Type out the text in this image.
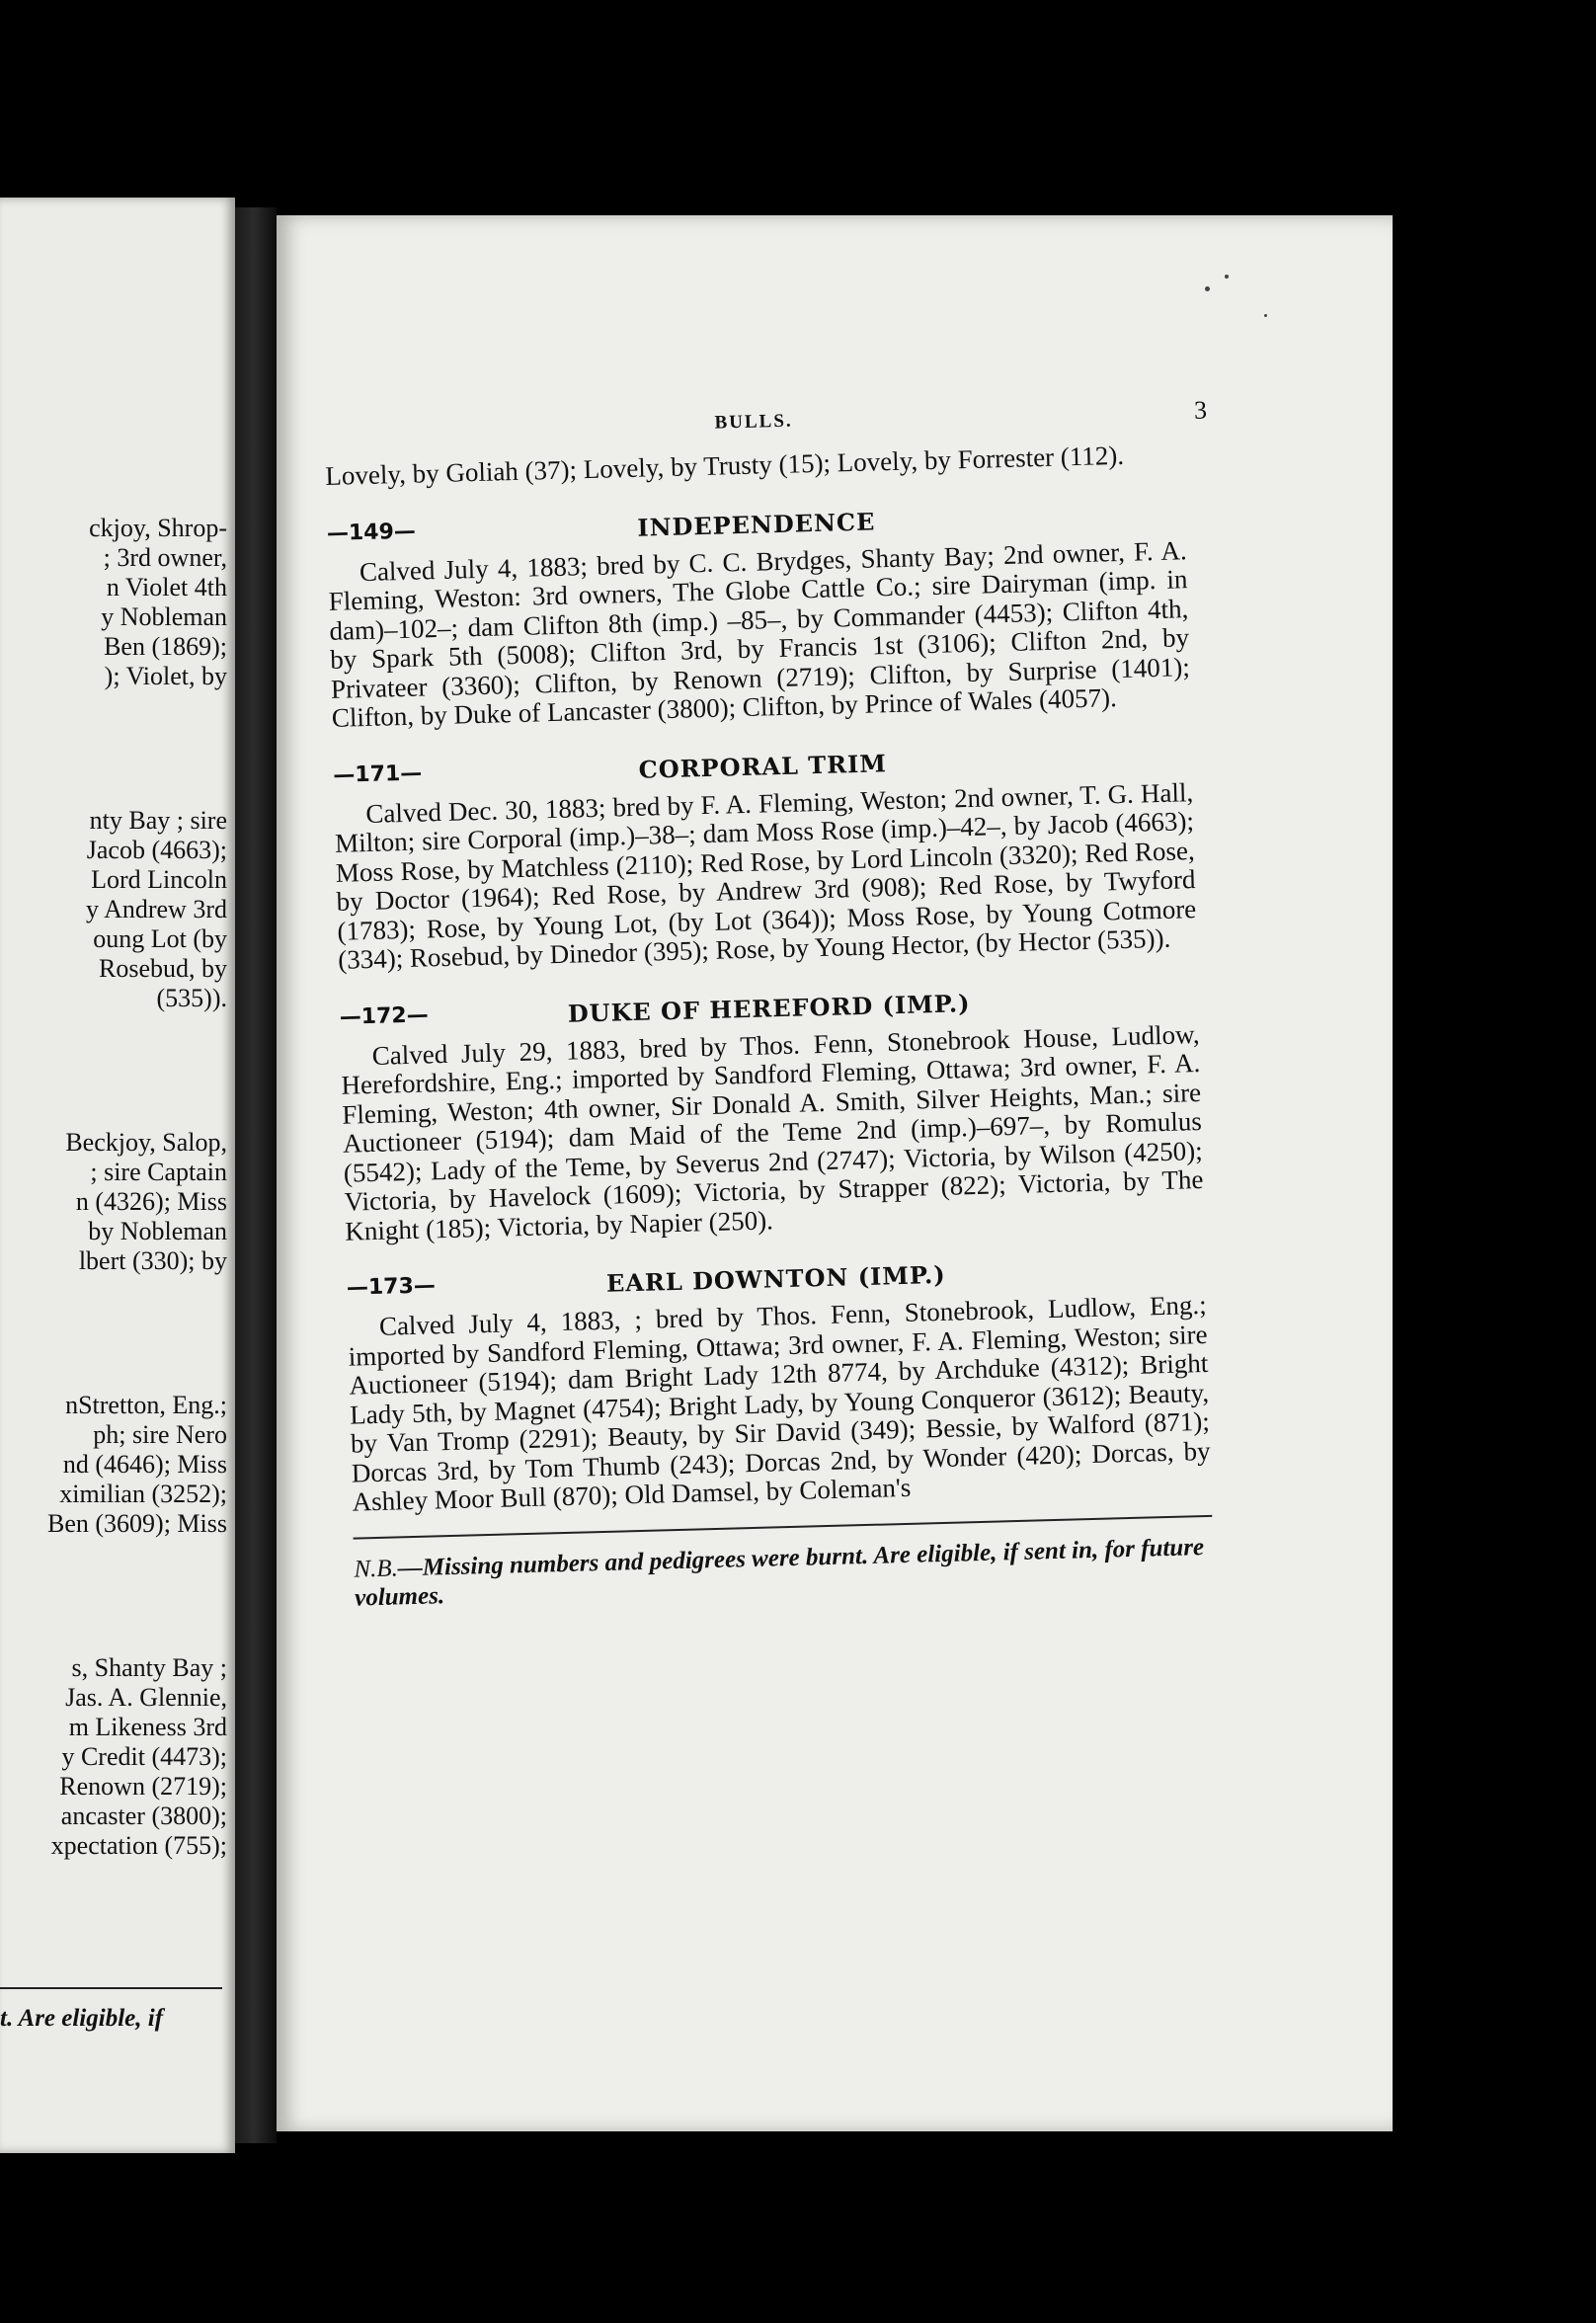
ckjoy, Shrop-
; 3rd owner,
n Violet 4th
y Nobleman
Ben (1869);
); Violet, by
nty Bay ; sire
Jacob (4663);
Lord Lincoln
y Andrew 3rd
oung Lot (by
Rosebud, by
(535)).
Beckjoy, Salop,
; sire Captain
n (4326); Miss
by Nobleman
lbert (330); by
nStretton, Eng.;
ph; sire Nero
nd (4646); Miss
ximilian (3252);
Ben (3609); Miss
s, Shanty Bay ;
Jas. A. Glennie,
m Likeness 3rd
y Credit (4473);
Renown (2719);
ancaster (3800);
xpectation (755);
t. Are eligible, if
BULLS.	3
Lovely, by Goliah (37); Lovely, by Trusty (15); Lovely, by Forrester (112).
—149—	INDEPENDENCE
Calved July 4, 1883; bred by C. C. Brydges, Shanty Bay; 2nd owner, F. A. Fleming, Weston: 3rd owners, The Globe Cattle Co.; sire Dairyman (imp. in dam)–102–; dam Clifton 8th (imp.) –85–, by Commander (4453); Clifton 4th, by Spark 5th (5008); Clifton 3rd, by Francis 1st (3106); Clifton 2nd, by Privateer (3360); Clifton, by Renown (2719); Clifton, by Surprise (1401); Clifton, by Duke of Lancaster (3800); Clifton, by Prince of Wales (4057).
—171—	CORPORAL TRIM
Calved Dec. 30, 1883; bred by F. A. Fleming, Weston; 2nd owner, T. G. Hall, Milton; sire Corporal (imp.)–38–; dam Moss Rose (imp.)–42–, by Jacob (4663); Moss Rose, by Matchless (2110); Red Rose, by Lord Lincoln (3320); Red Rose, by Doctor (1964); Red Rose, by Andrew 3rd (908); Red Rose, by Twyford (1783); Rose, by Young Lot, (by Lot (364)); Moss Rose, by Young Cotmore (334); Rosebud, by Dinedor (395); Rose, by Young Hector, (by Hector (535)).
—172—	DUKE OF HEREFORD (IMP.)
Calved July 29, 1883, bred by Thos. Fenn, Stonebrook House, Ludlow, Herefordshire, Eng.; imported by Sandford Fleming, Ottawa; 3rd owner, F. A. Fleming, Weston; 4th owner, Sir Donald A. Smith, Silver Heights, Man.; sire Auctioneer (5194); dam Maid of the Teme 2nd (imp.)–697–, by Romulus (5542); Lady of the Teme, by Severus 2nd (2747); Victoria, by Wilson (4250); Victoria, by Havelock (1609); Victoria, by Strapper (822); Victoria, by The Knight (185); Victoria, by Napier (250).
—173—	EARL DOWNTON (IMP.)
Calved July 4, 1883, ; bred by Thos. Fenn, Stonebrook, Ludlow, Eng.; imported by Sandford Fleming, Ottawa; 3rd owner, F. A. Fleming, Weston; sire Auctioneer (5194); dam Bright Lady 12th 8774, by Archduke (4312); Bright Lady 5th, by Magnet (4754); Bright Lady, by Young Conqueror (3612); Beauty, by Van Tromp (2291); Beauty, by Sir David (349); Bessie, by Walford (871); Dorcas 3rd, by Tom Thumb (243); Dorcas 2nd, by Wonder (420); Dorcas, by Ashley Moor Bull (870); Old Damsel, by Coleman's
N.B.—Missing numbers and pedigrees were burnt. Are eligible, if sent in, for future volumes.
